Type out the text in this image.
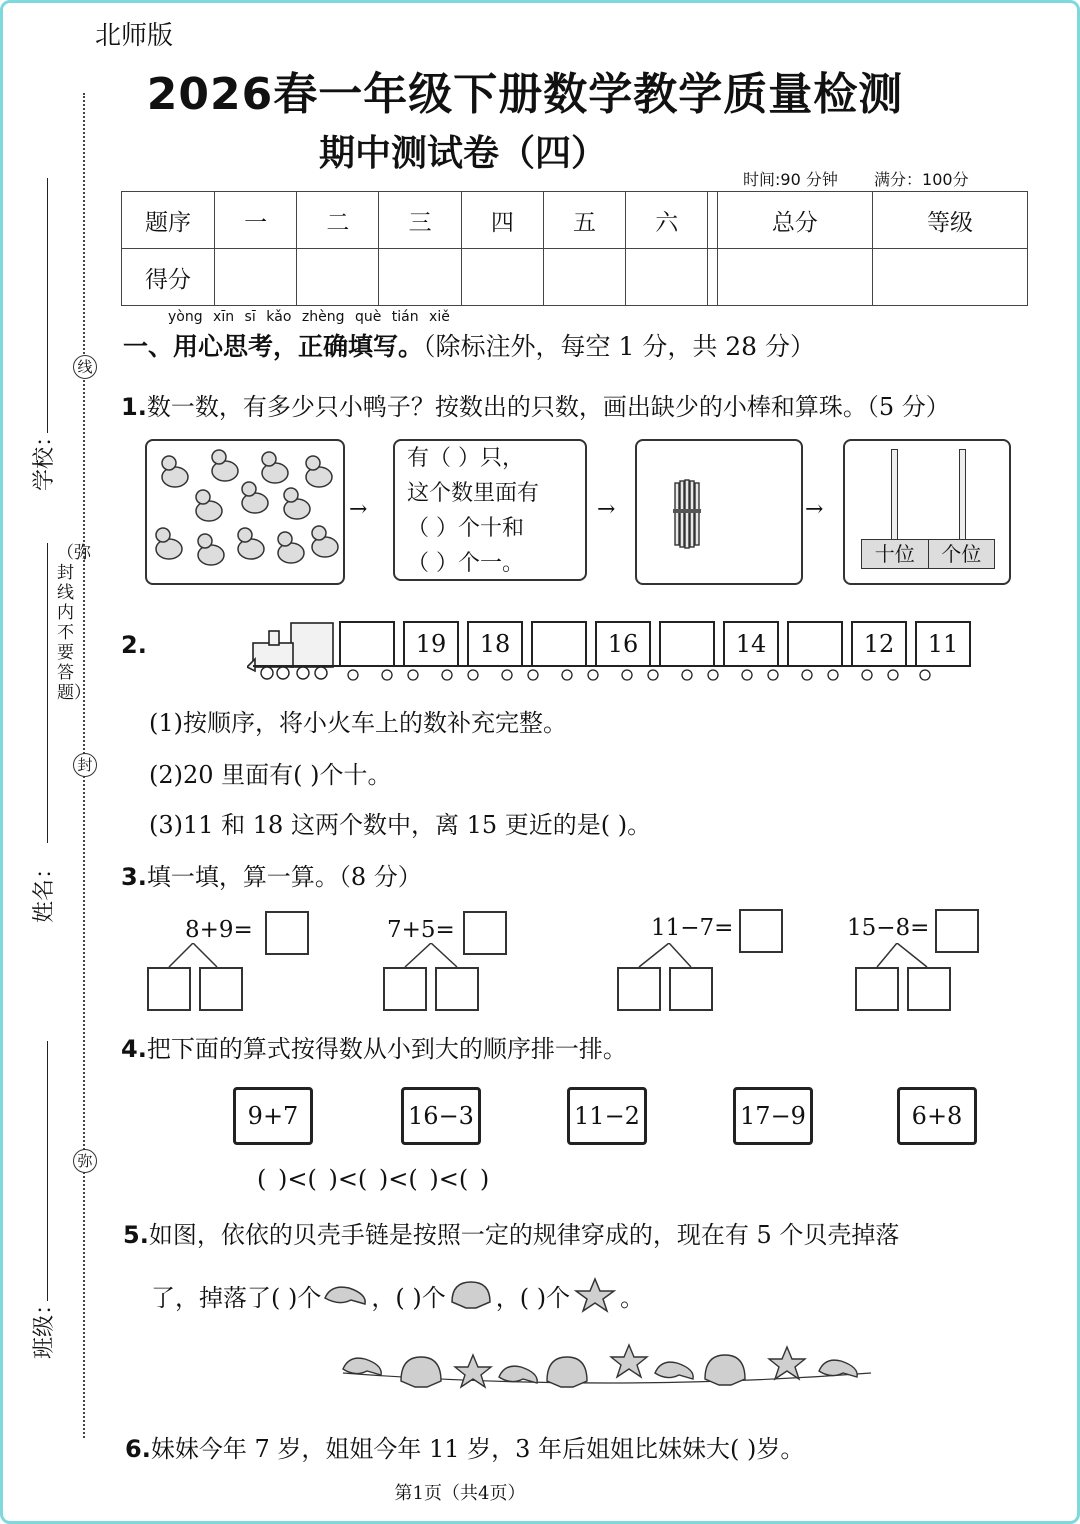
线
封
弥
学校：
姓名：
班级：
（弥封线内不要答题）
北师版
2026春一年级下册数学教学质量检测
期中测试卷（四）
时间:90 分钟 满分：100分
题序	一	二	三	四	五	六		总分	等级
得分									
yòng xīn sī kǎo zhèng què tián xiě
一、用心思考，正确填写。（除标注外，每空 1 分，共 28 分）
1.数一数，有多少只小鸭子？按数出的只数，画出缺少的小棒和算珠。（5 分）
→
有（ ）只，
这个数里面有
（ ）个十和
（ ）个一。
→	→
十位	个位
2.	19	18	16	14	12	11
(1)按顺序，将小火车上的数补充完整。
(2)20 里面有( )个十。
(3)11 和 18 这两个数中，离 15 更近的是( )。
3.填一填，算一算。（8 分）
8+9=	7+5=	11−7=	15−8=
4.把下面的算式按得数从小到大的顺序排一排。
9+7	16−3	11−2	17−9	6+8
( )<( )<( )<( )<( )
5.如图，依依的贝壳手链是按照一定的规律穿成的，现在有 5 个贝壳掉落
了，掉落了( )个 ，( )个 ，( )个 。
6.妹妹今年 7 岁，姐姐今年 11 岁，3 年后姐姐比妹妹大( )岁。
第1页（共4页）
